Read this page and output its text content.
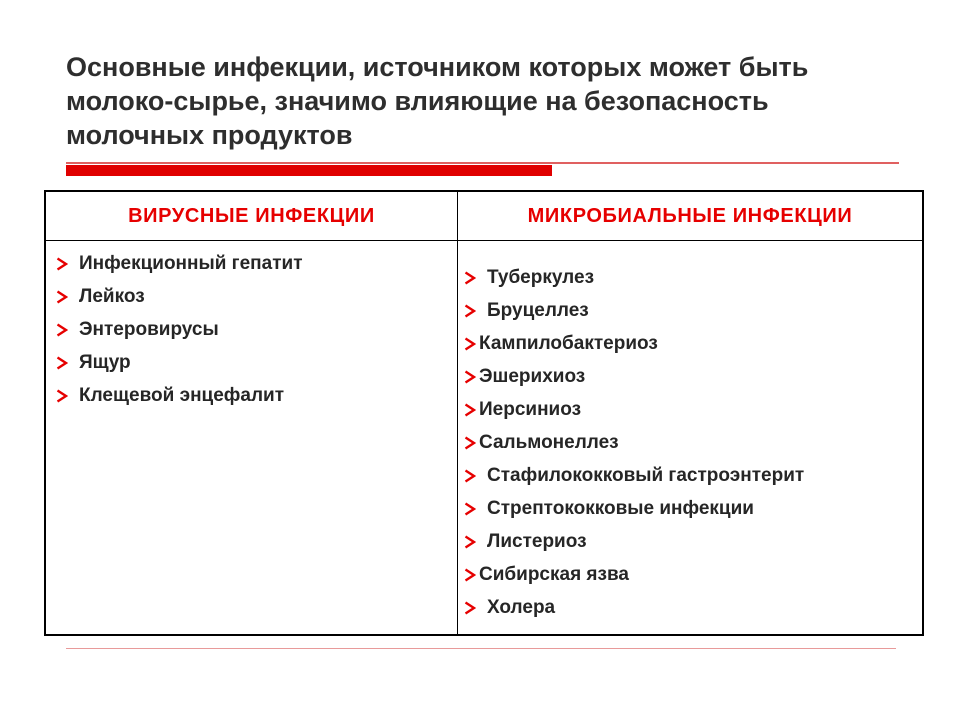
Основные инфекции, источником которых может быть молоко-сырье, значимо влияющие на безопасность молочных продуктов
ВИРУСНЫЕ ИНФЕКЦИИ	МИКРОБИАЛЬНЫЕ ИНФЕКЦИИ
Инфекционный гепатит
Лейкоз
Энтеровирусы
Ящур
Клещевой энцефалит
Туберкулез
Бруцеллез
Кампилобактериоз
Эшерихиоз
Иерсиниоз
Сальмонеллез
Стафилококковый гастроэнтерит
Стрептококковые инфекции
Листериоз
Сибирская язва
Холера
